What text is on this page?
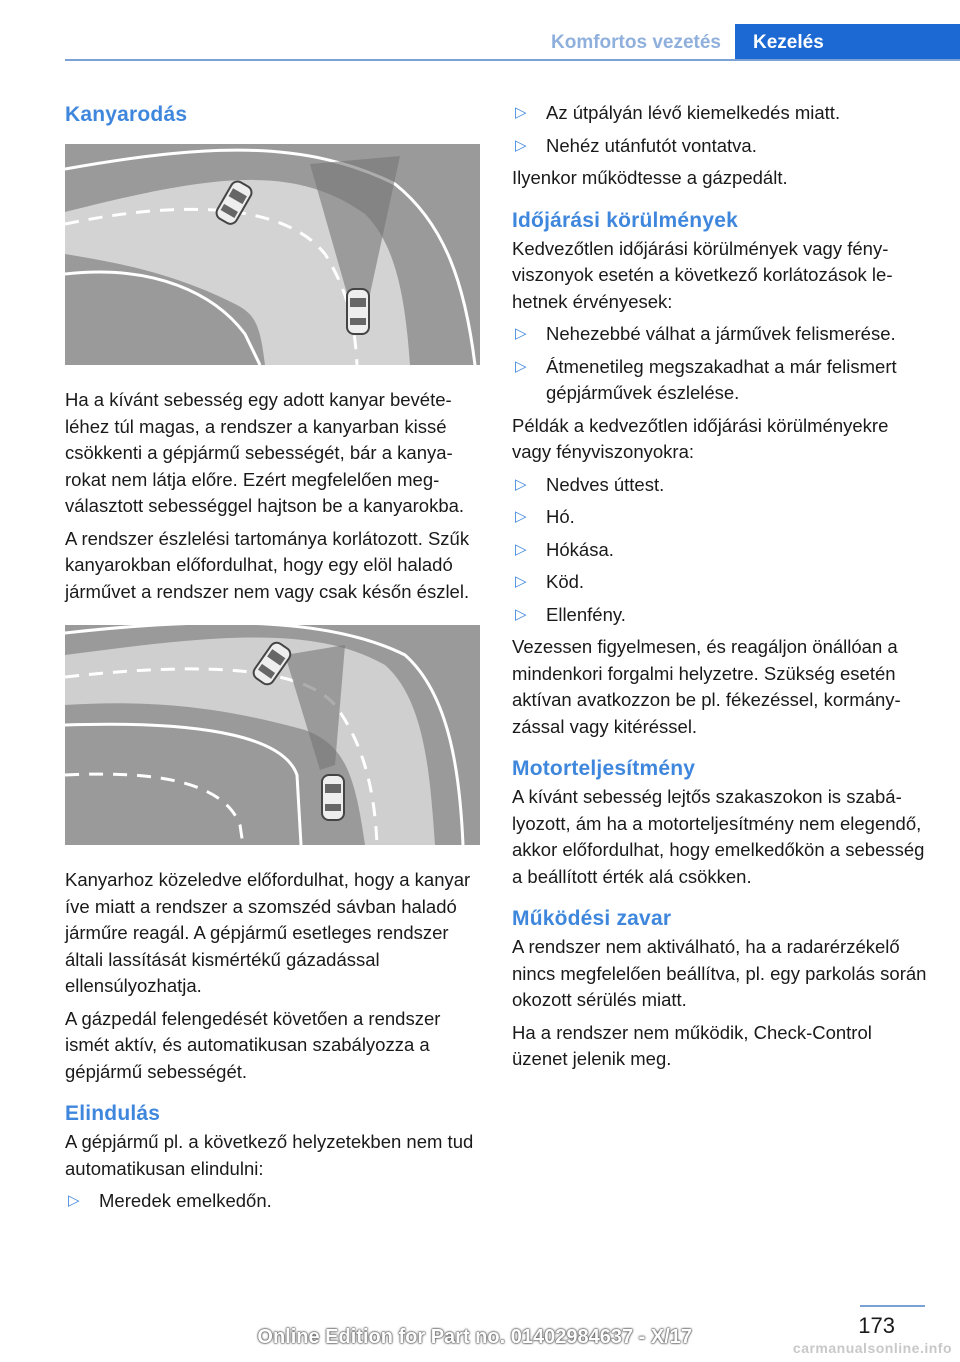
Komfortos vezetés	Kezelés
Kanyarodás

Ha a kívánt sebesség egy adott kanyar bevételéhez túl magas, a rendszer a kanyarban kissé csökkenti a gépjármű sebességét, bár a kanyarokat nem látja előre. Ezért megfelelően megválasztott sebességgel hajtson be a kanyarokba.

A rendszer észlelési tartománya korlátozott. Szűk kanyarokban előfordulhat, hogy egy elöl haladó járművet a rendszer nem vagy csak későn észlel.

Kanyarhoz közeledve előfordulhat, hogy a kanyar íve miatt a rendszer a szomszéd sávban haladó járműre reagál. A gépjármű esetleges rendszer általi lassítását kismértékű gázadással ellensúlyozhatja.

A gázpedál felengedését követően a rendszer ismét aktív, és automatikusan szabályozza a gépjármű sebességét.

Elindulás

A gépjármű pl. a következő helyzetekben nem tud automatikusan elindulni:

▷ Meredek emelkedőn.
▷ Az útpályán lévő kiemelkedés miatt.
▷ Nehéz utánfutót vontatva.

Ilyenkor működtesse a gázpedált.

Időjárási körülmények

Kedvezőtlen időjárási körülmények vagy fényviszonyok esetén a következő korlátozások lehetnek érvényesek:

▷ Nehezebbé válhat a járművek felismerése.
▷ Átmenetileg megszakadhat a már felismert gépjárművek észlelése.

Példák a kedvezőtlen időjárási körülményekre vagy fényviszonyokra:

▷ Nedves úttest.
▷ Hó.
▷ Hókása.
▷ Köd.
▷ Ellenfény.

Vezessen figyelmesen, és reagáljon önállóan a mindenkori forgalmi helyzetre. Szükség esetén aktívan avatkozzon be pl. fékezéssel, kormányzással vagy kitéréssel.

Motorteljesítmény

A kívánt sebesség lejtős szakaszokon is szabályozott, ám ha a motorteljesítmény nem elegendő, akkor előfordulhat, hogy emelkedőkön a sebesség a beállított érték alá csökken.

Működési zavar

A rendszer nem aktiválható, ha a radarérzékelő nincs megfelelően beállítva, pl. egy parkolás során okozott sérülés miatt.

Ha a rendszer nem működik, Check-Control üzenet jelenik meg.

173
Online Edition for Part no. 01402984637 - X/17	carmanualsonline.info
